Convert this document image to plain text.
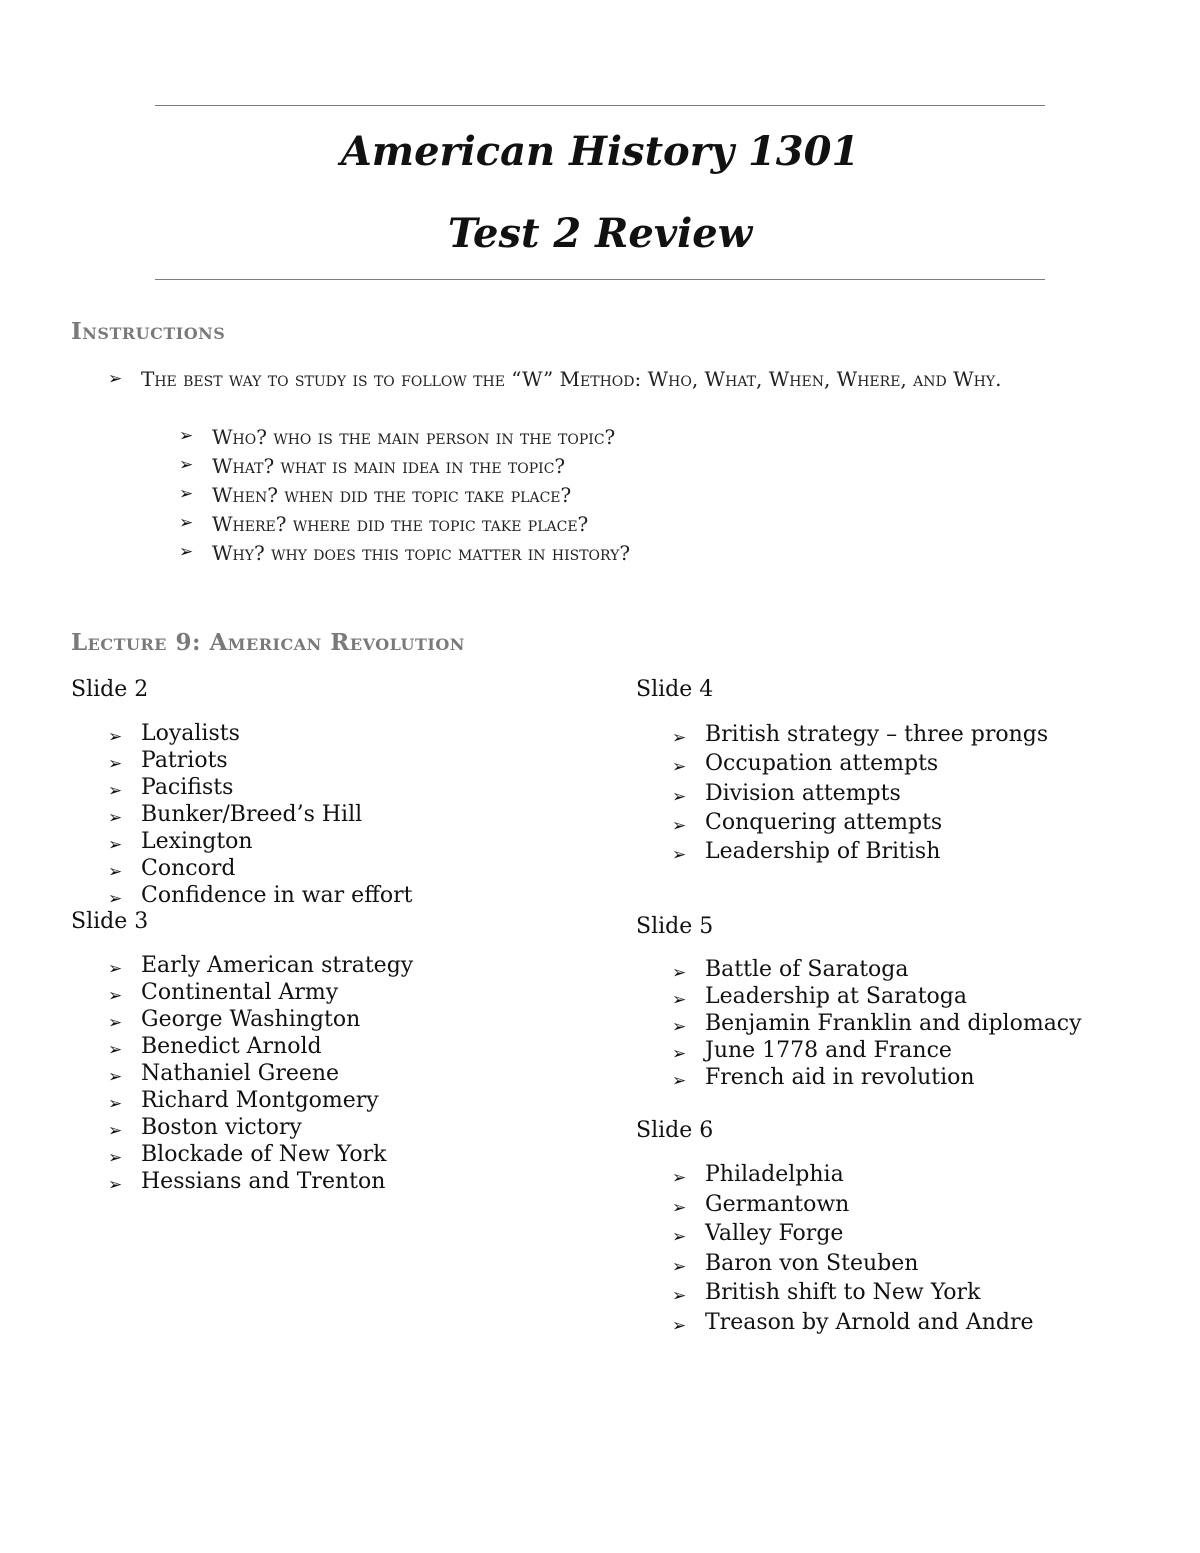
American History 1301
Test 2 Review
Instructions
➢ The best way to study is to follow the “W” Method: Who, What, When, Where, and Why.
➢ Who? who is the main person in the topic?
➢ What? what is main idea in the topic?
➢ When? when did the topic take place?
➢ Where? where did the topic take place?
➢ Why? why does this topic matter in history?
Lecture 9: American Revolution

Slide 2

➢ Loyalists
➢ Patriots
➢ Pacifists
➢ Bunker/Breed’s Hill
➢ Lexington
➢ Concord
➢ Confidence in war effort

Slide 3

➢ Early American strategy
➢ Continental Army
➢ George Washington
➢ Benedict Arnold
➢ Nathaniel Greene
➢ Richard Montgomery
➢ Boston victory
➢ Blockade of New York
➢ Hessians and Trenton

Slide 4

➢ British strategy – three prongs
➢ Occupation attempts
➢ Division attempts
➢ Conquering attempts
➢ Leadership of British

Slide 5

➢ Battle of Saratoga
➢ Leadership at Saratoga
➢ Benjamin Franklin and diplomacy
➢ June 1778 and France
➢ French aid in revolution

Slide 6

➢ Philadelphia
➢ Germantown
➢ Valley Forge
➢ Baron von Steuben
➢ British shift to New York
➢ Treason by Arnold and Andre
